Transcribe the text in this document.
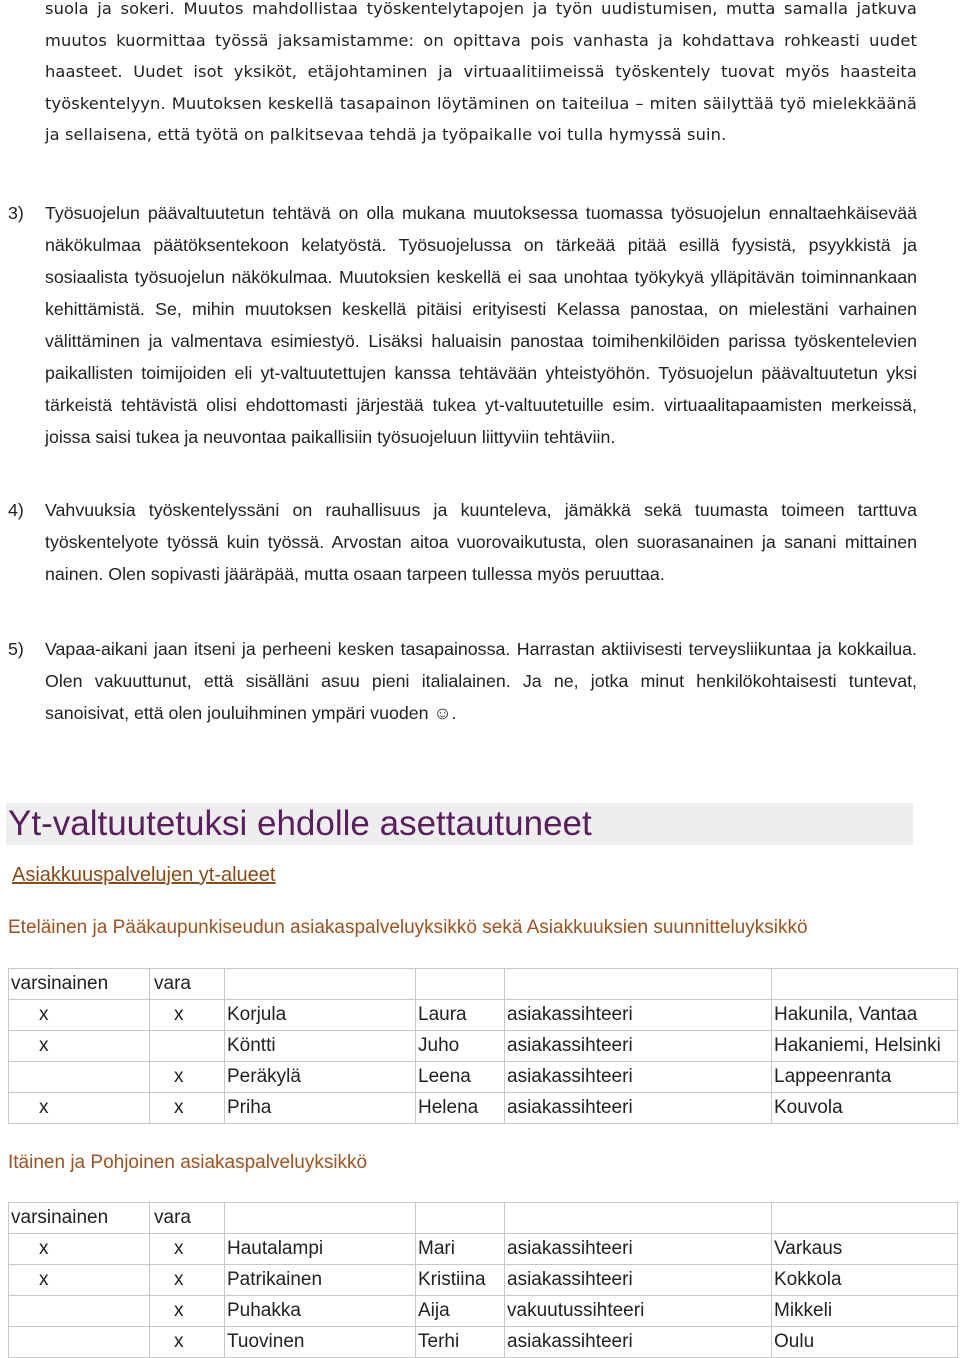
suola ja sokeri. Muutos mahdollistaa työskentelytapojen ja työn uudistumisen, mutta samalla jatkuva muutos kuormittaa työssä jaksamistamme: on opittava pois vanhasta ja kohdattava rohkeasti uudet haasteet. Uudet isot yksiköt, etäjohtaminen ja virtuaalitiimeissä työskentely tuovat myös haasteita työskentelyyn. Muutoksen keskellä tasapainon löytäminen on taiteilua – miten säilyttää työ mielekkäänä ja sellaisena, että työtä on palkitsevaa tehdä ja työpaikalle voi tulla hymyssä suin.

3)	Työsuojelun päävaltuutetun tehtävä on olla mukana muutoksessa tuomassa työsuojelun ennaltaehkäisevää näkökulmaa päätöksentekoon kelatyöstä. Työsuojelussa on tärkeää pitää esillä fyysistä, psyykkistä ja sosiaalista työsuojelun näkökulmaa. Muutoksien keskellä ei saa unohtaa työkykyä ylläpitävän toiminnankaan kehittämistä. Se, mihin muutoksen keskellä pitäisi erityisesti Kelassa panostaa, on mielestäni varhainen välittäminen ja valmentava esimiestyö. Lisäksi haluaisin panostaa toimihenkilöiden parissa työskentelevien paikallisten toimijoiden eli yt-valtuutettujen kanssa tehtävään yhteistyöhön. Työsuojelun päävaltuutetun yksi tärkeistä tehtävistä olisi ehdottomasti järjestää tukea yt-valtuutetuille esim. virtuaalitapaamisten merkeissä, joissa saisi tukea ja neuvontaa paikallisiin työsuojeluun liittyviin tehtäviin.
4)	Vahvuuksia työskentelyssäni on rauhallisuus ja kuunteleva, jämäkkä sekä tuumasta toimeen tarttuva työskentelyote työssä kuin työssä. Arvostan aitoa vuorovaikutusta, olen suorasanainen ja sanani mittainen nainen. Olen sopivasti jääräpää, mutta osaan tarpeen tullessa myös peruuttaa.
5)	Vapaa-aikani jaan itseni ja perheeni kesken tasapainossa. Harrastan aktiivisesti terveysliikuntaa ja kokkailua. Olen vakuuttunut, että sisälläni asuu pieni italialainen. Ja ne, jotka minut henkilökohtaisesti tuntevat, sanoisivat, että olen jouluihminen ympäri vuoden ☺.
Yt-valtuutetuksi ehdolle asettautuneet
Asiakkuuspalvelujen yt-alueet
Eteläinen ja Pääkaupunkiseudun asiakaspalveluyksikkö sekä Asiakkuuksien suunnitteluyksikkö
varsinainen	vara				
x	x	Korjula	Laura	asiakassihteeri	Hakunila, Vantaa
x		Köntti	Juho	asiakassihteeri	Hakaniemi, Helsinki
	x	Peräkylä	Leena	asiakassihteeri	Lappeenranta
x	x	Priha	Helena	asiakassihteeri	Kouvola
Itäinen ja Pohjoinen asiakaspalveluyksikkö
varsinainen	vara				
x	x	Hautalampi	Mari	asiakassihteeri	Varkaus
x	x	Patrikainen	Kristiina	asiakassihteeri	Kokkola
	x	Puhakka	Aija	vakuutussihteeri	Mikkeli
	x	Tuovinen	Terhi	asiakassihteeri	Oulu
